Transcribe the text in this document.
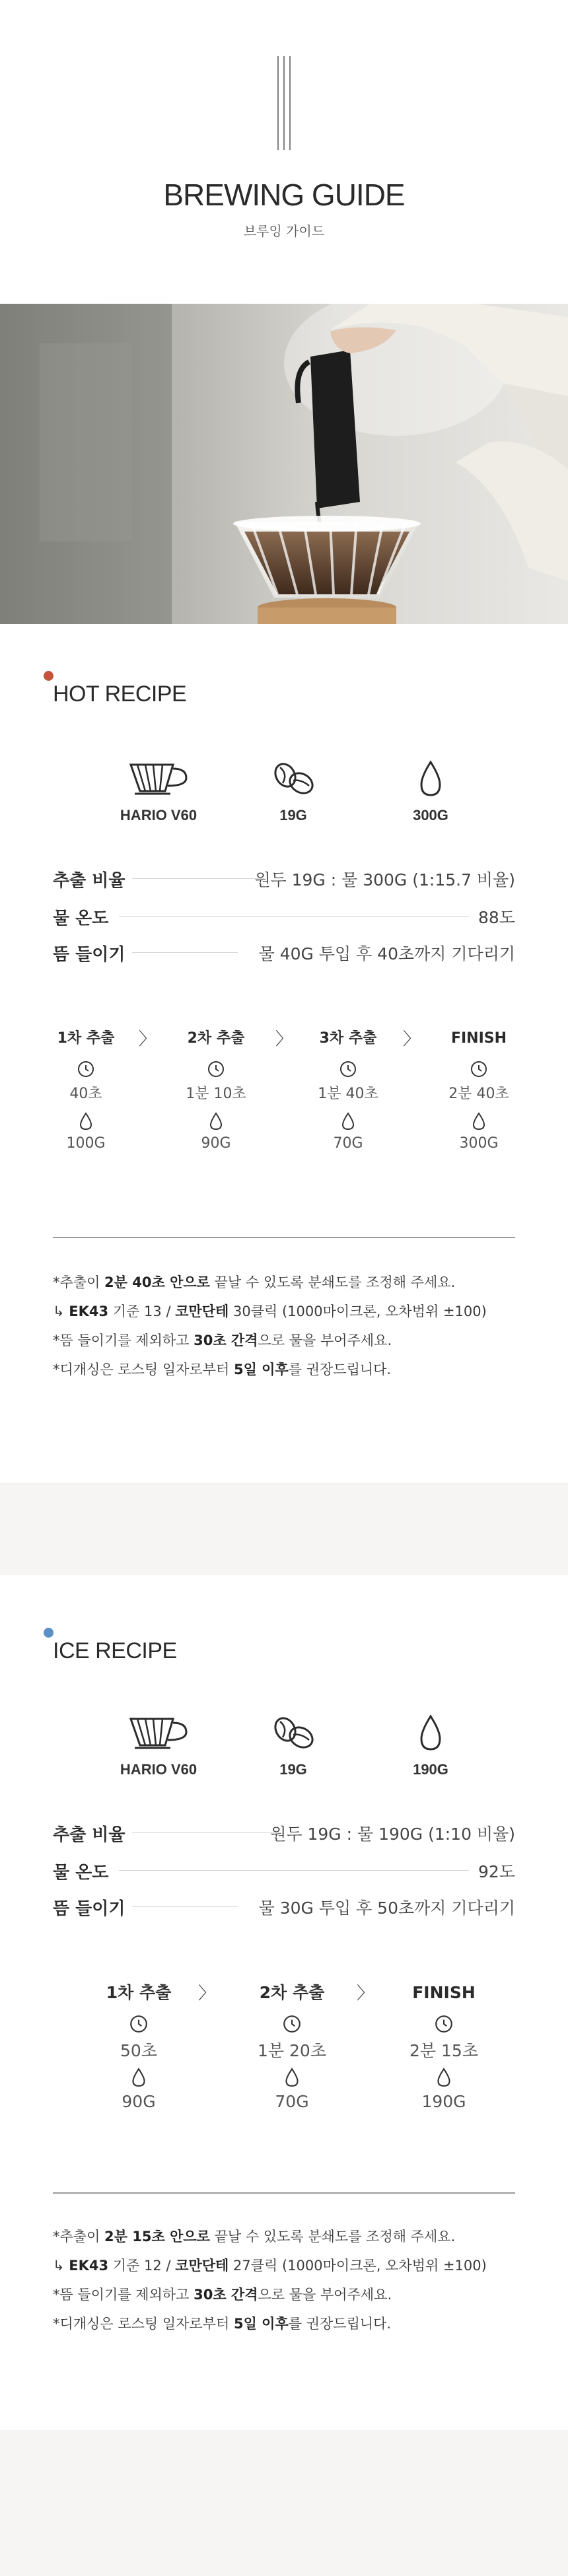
BREWING GUIDE
브루잉 가이드
HOT RECIPE
HARIO V60	19G	300G
추출 비율	원두 19G : 물 300G (1:15.7 비율)
물 온도	88도
뜸 들이기	물 40G 투입 후 40초까지 기다리기
1차 추출
40초
100G
〉	2차 추출
1분 10초
90G
〉	3차 추출
1분 40초
70G
〉	FINISH
2분 40초
300G
*추출이 2분 40초 안으로 끝날 수 있도록 분쇄도를 조정해 주세요.
↳ EK43 기준 13 / 코만단테 30클릭 (1000마이크론, 오차범위 ±100)
*뜸 들이기를 제외하고 30초 간격으로 물을 부어주세요.
*디개싱은 로스팅 일자로부터 5일 이후를 권장드립니다.
ICE RECIPE
HARIO V60	19G	190G
추출 비율	원두 19G : 물 190G (1:10 비율)
물 온도	92도
뜸 들이기	물 30G 투입 후 50초까지 기다리기
1차 추출
50초
90G
〉	2차 추출
1분 20초
70G
〉	FINISH
2분 15초
190G
*추출이 2분 15초 안으로 끝날 수 있도록 분쇄도를 조정해 주세요.
↳ EK43 기준 12 / 코만단테 27클릭 (1000마이크론, 오차범위 ±100)
*뜸 들이기를 제외하고 30초 간격으로 물을 부어주세요.
*디개싱은 로스팅 일자로부터 5일 이후를 권장드립니다.
